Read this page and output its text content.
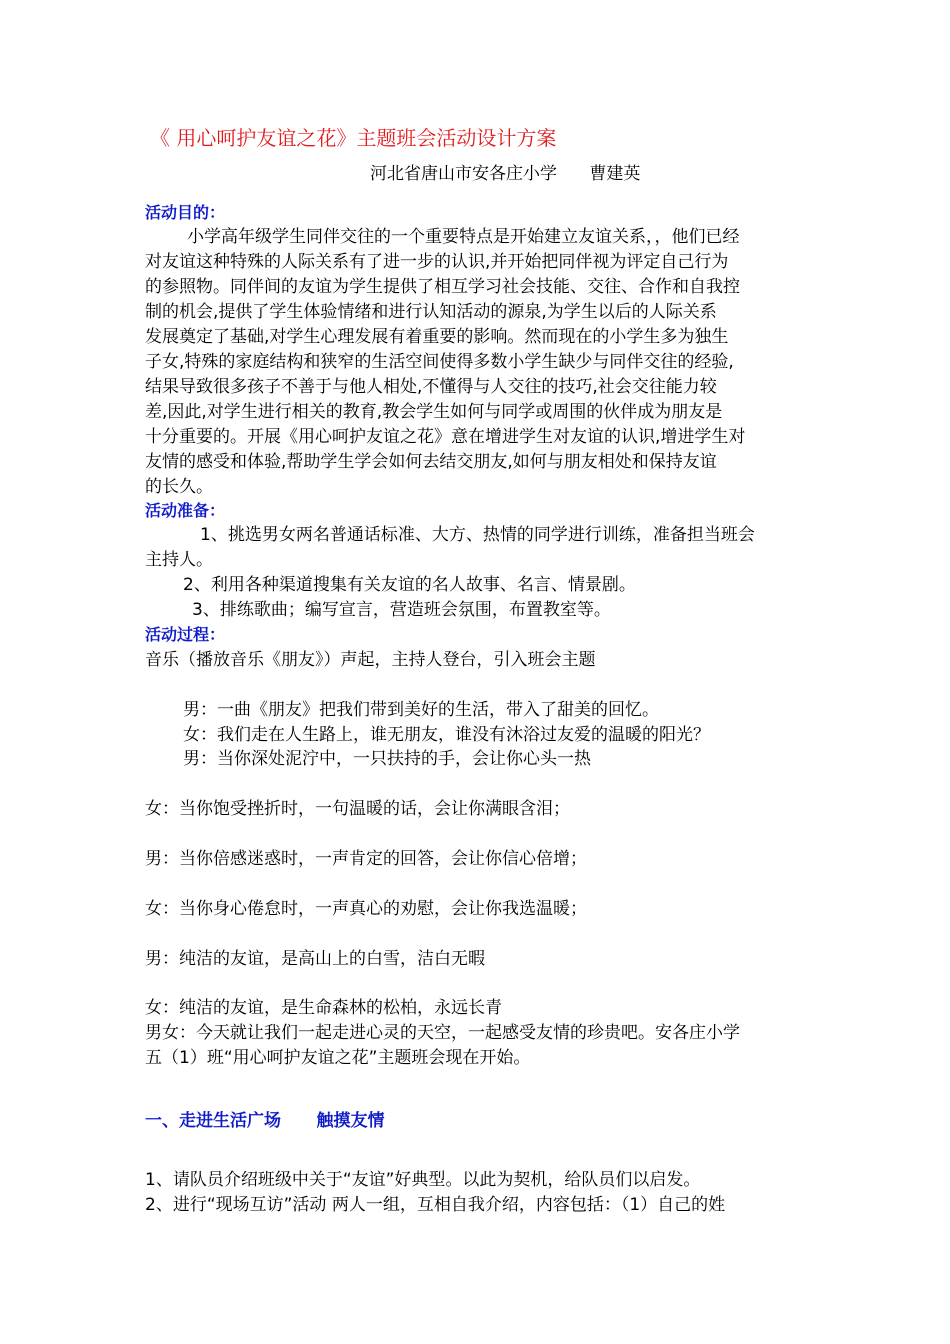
《 用心呵护友谊之花》主题班会活动设计方案
河北省唐山市安各庄小学      曹建英
活动目的：
小学高年级学生同伴交往的一个重要特点是开始建立友谊关系，，他们已经
对友谊这种特殊的人际关系有了进一步的认识,并开始把同伴视为评定自己行为
的参照物。同伴间的友谊为学生提供了相互学习社会技能、交往、合作和自我控
制的机会,提供了学生体验情绪和进行认知活动的源泉,为学生以后的人际关系
发展奠定了基础,对学生心理发展有着重要的影响。然而现在的小学生多为独生
子女,特殊的家庭结构和狭窄的生活空间使得多数小学生缺少与同伴交往的经验,
结果导致很多孩子不善于与他人相处,不懂得与人交往的技巧,社会交往能力较
差,因此,对学生进行相关的教育,教会学生如何与同学或周围的伙伴成为朋友是
十分重要的。开展《用心呵护友谊之花》意在增进学生对友谊的认识,增进学生对
友情的感受和体验,帮助学生学会如何去结交朋友,如何与朋友相处和保持友谊
的长久。
活动准备：
1、挑选男女两名普通话标准、大方、热情的同学进行训练，准备担当班会
主持人。
2、利用各种渠道搜集有关友谊的名人故事、名言、情景剧。
3、排练歌曲；编写宣言，营造班会氛围，布置教室等。
活动过程：
音乐（播放音乐《朋友》）声起，主持人登台，引入班会主题
男：一曲《朋友》把我们带到美好的生活，带入了甜美的回忆。
女：我们走在人生路上，谁无朋友，谁没有沐浴过友爱的温暖的阳光？
男：当你深处泥泞中，一只扶持的手，会让你心头一热
女：当你饱受挫折时，一句温暖的话，会让你满眼含泪；
男：当你倍感迷惑时，一声肯定的回答，会让你信心倍增；
女：当你身心倦怠时，一声真心的劝慰，会让你我选温暖；
男：纯洁的友谊，是高山上的白雪，洁白无暇
女：纯洁的友谊，是生命森林的松柏，永远长青
男女：今天就让我们一起走进心灵的天空，一起感受友情的珍贵吧。安各庄小学
五（1）班“用心呵护友谊之花”主题班会现在开始。
一、走进生活广场      触摸友情
1、请队员介绍班级中关于“友谊”好典型。以此为契机，给队员们以启发。
2、进行“现场互访”活动 两人一组，互相自我介绍，内容包括：（1）自己的姓
